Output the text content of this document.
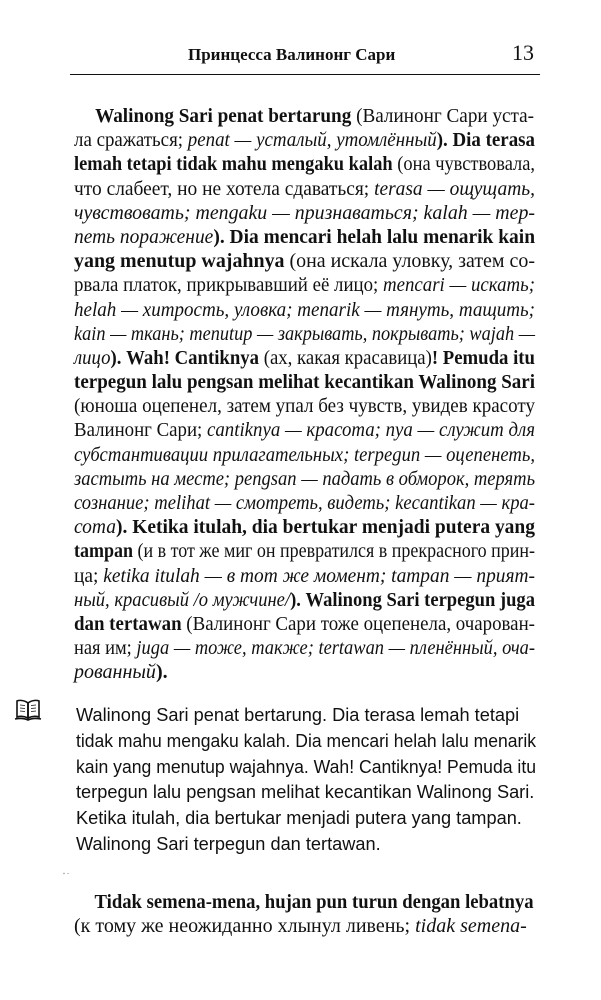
Принцесса Валинонг Сари	13
Walinong Sari penat bertarung (Валинонг Сари уста-
ла сражаться; penat — усталый, утомлённый). Dia terasa
lemah tetapi tidak mahu mengaku kalah (она чувствовала,
что слабеет, но не хотела сдаваться; terasa — ощущать,
чувствовать; mengaku — признаваться; kalah — тер-
петь поражение). Dia mencari helah lalu menarik kain
yang menutup wajahnya (она искала уловку, затем со-
рвала платок, прикрывавший её лицо; mencari — искать;
helah — хитрость, уловка; menarik — тянуть, тащить;
kain — ткань; menutup — закрывать, покрывать; wajah —
лицо). Wah! Cantiknya (ах, какая красавица)! Pemuda itu
terpegun lalu pengsan melihat kecantikan Walinong Sari
(юноша оцепенел, затем упал без чувств, увидев красоту
Валинонг Сари; cantiknya — красота; nya — служит для
субстантивации прилагательных; terpegun — оцепенеть,
застыть на месте; pengsan — падать в обморок, терять
сознание; melihat — смотреть, видеть; kecantikan — кра-
сота). Ketika itulah, dia bertukar menjadi putera yang
tampan (и в тот же миг он превратился в прекрасного прин-
ца; ketika itulah — в тот же момент; tampan — прият-
ный, красивый /о мужчине/). Walinong Sari terpegun juga
dan tertawan (Валинонг Сари тоже оцепенела, очарован-
ная им; juga — тоже, также; tertawan — пленённый, оча-
рованный).
Walinong Sari penat bertarung. Dia terasa lemah tetapi
tidak mahu mengaku kalah. Dia mencari helah lalu menarik
kain yang menutup wajahnya. Wah! Cantiknya! Pemuda itu
terpegun lalu pengsan melihat kecantikan Walinong Sari.
Ketika itulah, dia bertukar menjadi putera yang tampan.
Walinong Sari terpegun dan tertawan.
Tidak semena-mena, hujan pun turun dengan lebatnya
(к тому же неожиданно хлынул ливень; tidak semena-
